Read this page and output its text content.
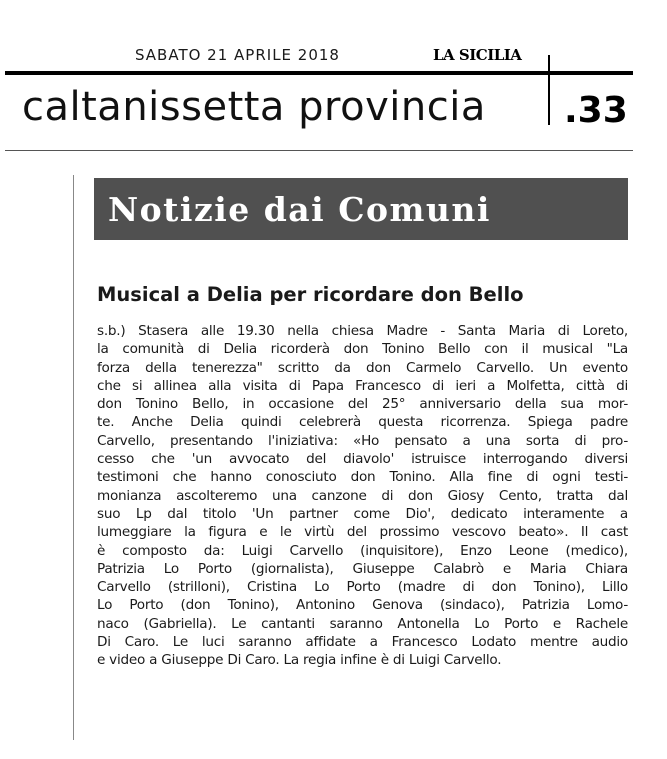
SABATO 21 APRILE 2018	LA SICILIA
caltanissetta provincia .33
Notizie dai Comuni
Musical a Delia per ricordare don Bello
s.b.) Stasera alle 19.30 nella chiesa Madre - Santa Maria di Loreto,
la comunità di Delia ricorderà don Tonino Bello con il musical "La
forza della tenerezza" scritto da don Carmelo Carvello. Un evento
che si allinea alla visita di Papa Francesco di ieri a Molfetta, città di
don Tonino Bello, in occasione del 25° anniversario della sua mor-
te. Anche Delia quindi celebrerà questa ricorrenza. Spiega padre
Carvello, presentando l'iniziativa: «Ho pensato a una sorta di pro-
cesso che 'un avvocato del diavolo' istruisce interrogando diversi
testimoni che hanno conosciuto don Tonino. Alla fine di ogni testi-
monianza ascolteremo una canzone di don Giosy Cento, tratta dal
suo Lp dal titolo 'Un partner come Dio', dedicato interamente a
lumeggiare la figura e le virtù del prossimo vescovo beato». Il cast
è composto da: Luigi Carvello (inquisitore), Enzo Leone (medico),
Patrizia Lo Porto (giornalista), Giuseppe Calabrò e Maria Chiara
Carvello (strilloni), Cristina Lo Porto (madre di don Tonino), Lillo
Lo Porto (don Tonino), Antonino Genova (sindaco), Patrizia Lomo-
naco (Gabriella). Le cantanti saranno Antonella Lo Porto e Rachele
Di Caro. Le luci saranno affidate a Francesco Lodato mentre audio
e video a Giuseppe Di Caro. La regia infine è di Luigi Carvello.
